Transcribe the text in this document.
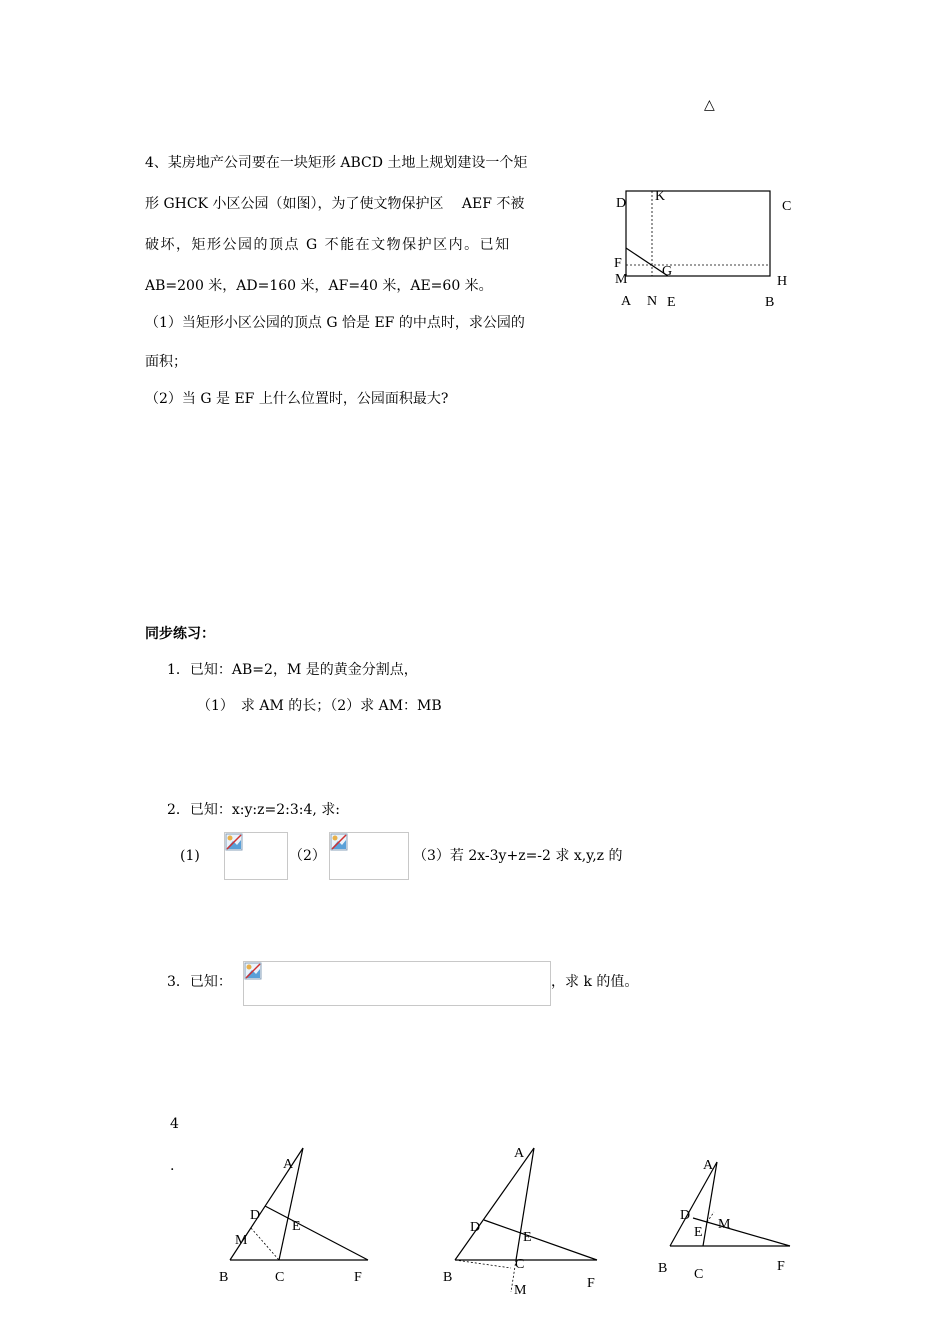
△
4、某房地产公司要在一块矩形 ABCD 土地上规划建设一个矩
形 GHCK 小区公园（如图），为了使文物保护区　 AEF 不被
破坏，矩形公园的顶点 G 不能在文物保护区内。已知
AB=200 米，AD=160 米，AF=40 米，AE=60 米。
（1）当矩形小区公园的顶点 G 恰是 EF 的中点时，求公园的
面积；
（2）当 G 是 EF 上什么位置时，公园面积最大?
D K
C
F
M
G
H
A N E	B
同步练习：
1．已知：AB=2，M 是的黄金分割点，
（1）　求 AM 的长；（2）求 AM：MB
2．已知：x:y:z=2:3:4, 求:
(1)	（2）	（3）若 2x-3y+z=-2 求 x,y,z 的
3．已知：	，求 k 的值。
4
.	A
D
E
M
B	C	F
A
D
E
C
B
M	F
A
D
E
M
B C
F
